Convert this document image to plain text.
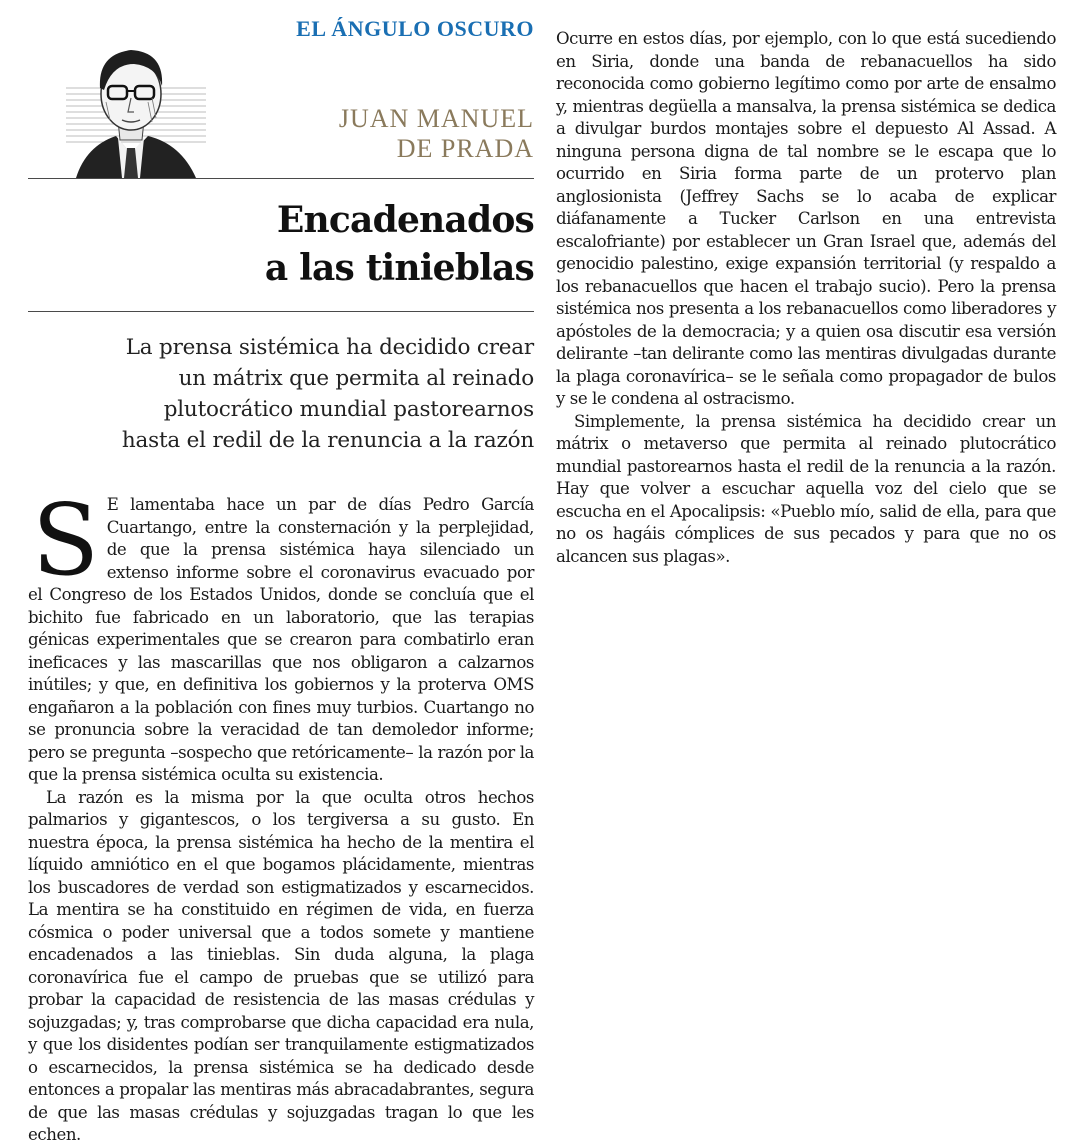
EL ÁNGULO OSCURO
JUAN MANUEL
DE PRADA
Encadenados
a las tinieblas
La prensa sistémica ha decidido crear
un mátrix que permita al reinado
plutocrático mundial pastorearnos
hasta el redil de la renuncia a la razón

S E lamentaba hace un par de días Pedro García Cuartango, entre la consternación y la perplejidad, de que la prensa sistémica haya silenciado un extenso informe sobre el coronavirus evacuado por el Congreso de los Estados Unidos, donde se concluía que el bichito fue fabricado en un laboratorio, que las terapias génicas experimentales que se crearon para combatirlo eran ineficaces y las mascarillas que nos obligaron a calzarnos inútiles; y que, en definitiva los gobiernos y la proterva OMS engañaron a la población con fines muy turbios. Cuartango no se pronuncia sobre la veracidad de tan demoledor informe; pero se pregunta –sospecho que retóricamente– la razón por la que la prensa sistémica oculta su existencia.

La razón es la misma por la que oculta otros hechos palmarios y gigantescos, o los tergiversa a su gusto. En nuestra época, la prensa sistémica ha hecho de la mentira el líquido amniótico en el que bogamos plácidamente, mientras los buscadores de verdad son estigmatizados y escarnecidos. La mentira se ha constituido en régimen de vida, en fuerza cósmica o poder universal que a todos somete y mantiene encadenados a las tinieblas. Sin duda alguna, la plaga coronavírica fue el campo de pruebas que se utilizó para probar la capacidad de resistencia de las masas crédulas y sojuzgadas; y, tras comprobarse que dicha capacidad era nula, y que los disidentes podían ser tranquilamente estigmatizados o escarnecidos, la prensa sistémica se ha dedicado desde entonces a propalar las mentiras más abracadabrantes, segura de que las masas crédulas y sojuzgadas tragan lo que les echen.

Ocurre en estos días, por ejemplo, con lo que está sucediendo en Siria, donde una banda de rebanacuellos ha sido reconocida como gobierno legítimo como por arte de ensalmo y, mientras degüella a mansalva, la prensa sistémica se dedica a divulgar burdos montajes sobre el depuesto Al Assad. A ninguna persona digna de tal nombre se le escapa que lo ocurrido en Siria forma parte de un protervo plan anglosionista (Jeffrey Sachs se lo acaba de explicar diáfanamente a Tucker Carlson en una entrevista escalofriante) por establecer un Gran Israel que, además del genocidio palestino, exige expansión territorial (y respaldo a los rebanacuellos que hacen el trabajo sucio). Pero la prensa sistémica nos presenta a los rebanacuellos como liberadores y apóstoles de la democracia; y a quien osa discutir esa versión delirante –tan delirante como las mentiras divulgadas durante la plaga coronavírica– se le señala como propagador de bulos y se le condena al ostracismo.

Simplemente, la prensa sistémica ha decidido crear un mátrix o metaverso que permita al reinado plutocrático mundial pastorearnos hasta el redil de la renuncia a la razón. Hay que volver a escuchar aquella voz del cielo que se escucha en el Apocalipsis: «Pueblo mío, salid de ella, para que no os hagáis cómplices de sus pecados y para que no os alcancen sus plagas».
